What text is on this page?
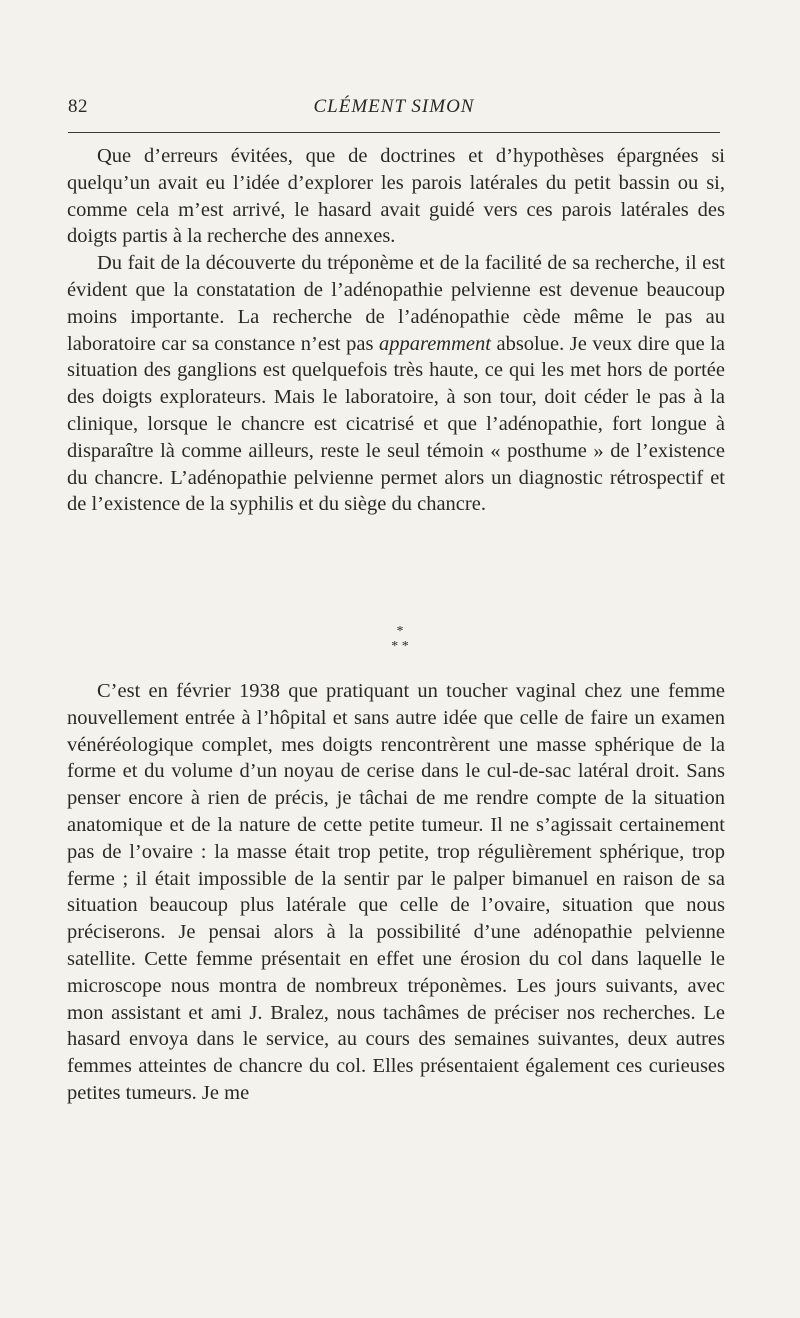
82	CLÉMENT SIMON

Que d’erreurs évitées, que de doctrines et d’hypothèses épargnées si quelqu’un avait eu l’idée d’explorer les parois latérales du petit bassin ou si, comme cela m’est arrivé, le hasard avait guidé vers ces parois latérales des doigts partis à la recherche des annexes.

Du fait de la découverte du tréponème et de la facilité de sa recherche, il est évident que la constatation de l’adénopathie pelvienne est devenue beaucoup moins importante. La recherche de l’adénopathie cède même le pas au laboratoire car sa constance n’est pas apparemment absolue. Je veux dire que la situation des ganglions est quelquefois très haute, ce qui les met hors de portée des doigts explorateurs. Mais le laboratoire, à son tour, doit céder le pas à la clinique, lorsque le chancre est cicatrisé et que l’adénopathie, fort longue à disparaître là comme ailleurs, reste le seul témoin « posthume » de l’existence du chancre. L’adénopathie pelvienne permet alors un diagnostic rétrospectif et de l’existence de la syphilis et du siège du chancre.

*
* *

C’est en février 1938 que pratiquant un toucher vaginal chez une femme nouvellement entrée à l’hôpital et sans autre idée que celle de faire un examen vénéréologique complet, mes doigts rencontrèrent une masse sphérique de la forme et du volume d’un noyau de cerise dans le cul-de-sac latéral droit. Sans penser encore à rien de précis, je tâchai de me rendre compte de la situation anatomique et de la nature de cette petite tumeur. Il ne s’agissait certainement pas de l’ovaire : la masse était trop petite, trop régulièrement sphérique, trop ferme ; il était impossible de la sentir par le palper bimanuel en raison de sa situation beaucoup plus latérale que celle de l’ovaire, situation que nous préciserons. Je pensai alors à la possibilité d’une adénopathie pelvienne satellite. Cette femme présentait en effet une érosion du col dans laquelle le microscope nous montra de nombreux tréponèmes. Les jours suivants, avec mon assistant et ami J. Bralez, nous tachâmes de préciser nos recherches. Le hasard envoya dans le service, au cours des semaines suivantes, deux autres femmes atteintes de chancre du col. Elles présentaient également ces curieuses petites tumeurs. Je me
